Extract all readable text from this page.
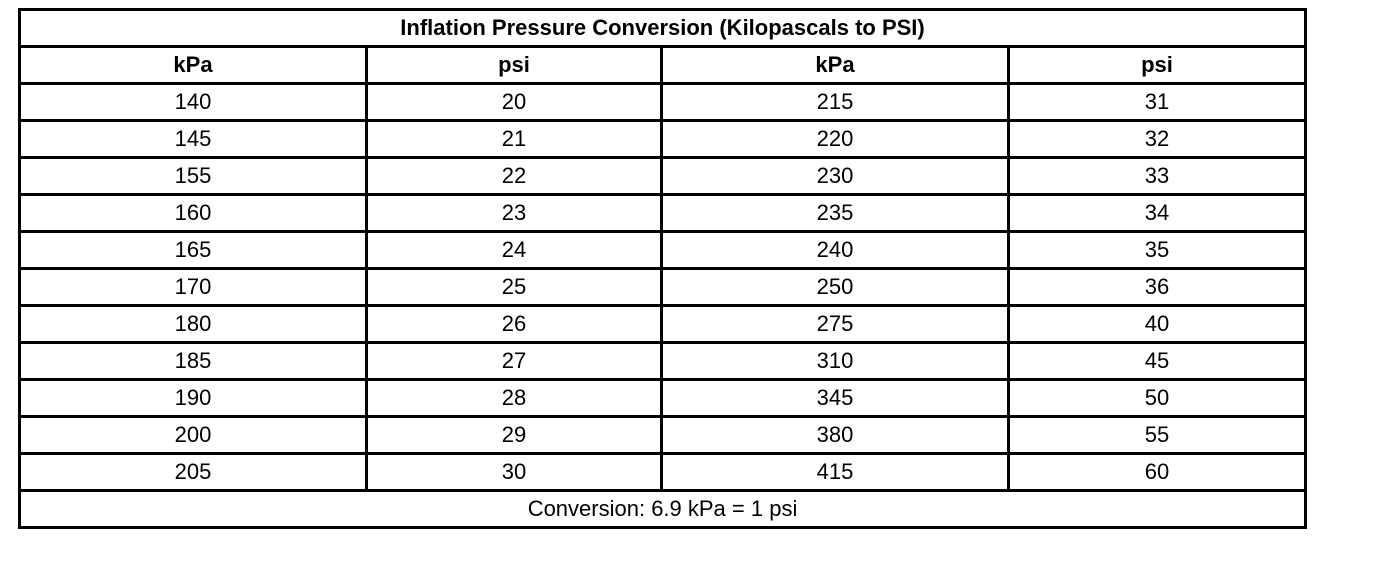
Inflation Pressure Conversion (Kilopascals to PSI)			
kPa	psi	kPa	psi
140	20	215	31
145	21	220	32
155	22	230	33
160	23	235	34
165	24	240	35
170	25	250	36
180	26	275	40
185	27	310	45
190	28	345	50
200	29	380	55
205	30	415	60
Conversion: 6.9 kPa = 1 psi			
